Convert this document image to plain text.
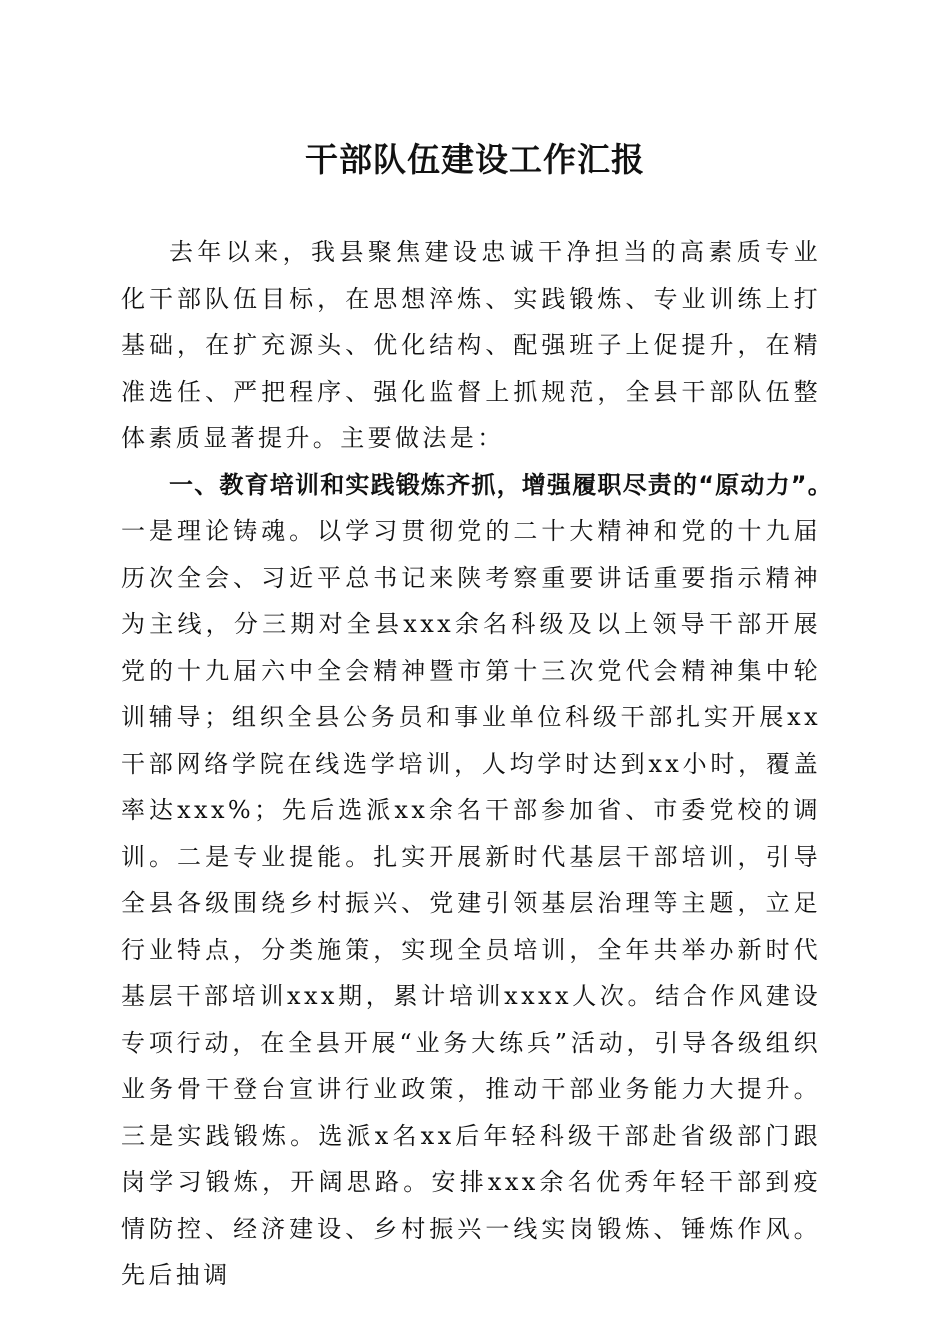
干部队伍建设工作汇报

去年以来，我县聚焦建设忠诚干净担当的高素质专业化干部队伍目标，在思想淬炼、实践锻炼、专业训练上打基础，在扩充源头、优化结构、配强班子上促提升，在精准选任、严把程序、强化监督上抓规范，全县干部队伍整体素质显著提升。主要做法是：

一、教育培训和实践锻炼齐抓，增强履职尽责的“原动力”。一是理论铸魂。以学习贯彻党的二十大精神和党的十九届历次全会、习近平总书记来陕考察重要讲话重要指示精神为主线，分三期对全县xxx余名科级及以上领导干部开展党的十九届六中全会精神暨市第十三次党代会精神集中轮训辅导；组织全县公务员和事业单位科级干部扎实开展xx干部网络学院在线选学培训，人均学时达到xx小时，覆盖率达xxx%；先后选派xx余名干部参加省、市委党校的调训。二是专业提能。扎实开展新时代基层干部培训，引导全县各级围绕乡村振兴、党建引领基层治理等主题，立足行业特点，分类施策，实现全员培训，全年共举办新时代基层干部培训xxx期，累计培训xxxx人次。结合作风建设专项行动，在全县开展“业务大练兵”活动，引导各级组织业务骨干登台宣讲行业政策，推动干部业务能力大提升。三是实践锻炼。选派x名xx后年轻科级干部赴省级部门跟岗学习锻炼，开阔思路。安排xxx余名优秀年轻干部到疫情防控、经济建设、乡村振兴一线实岗锻炼、锤炼作风。先后抽调
